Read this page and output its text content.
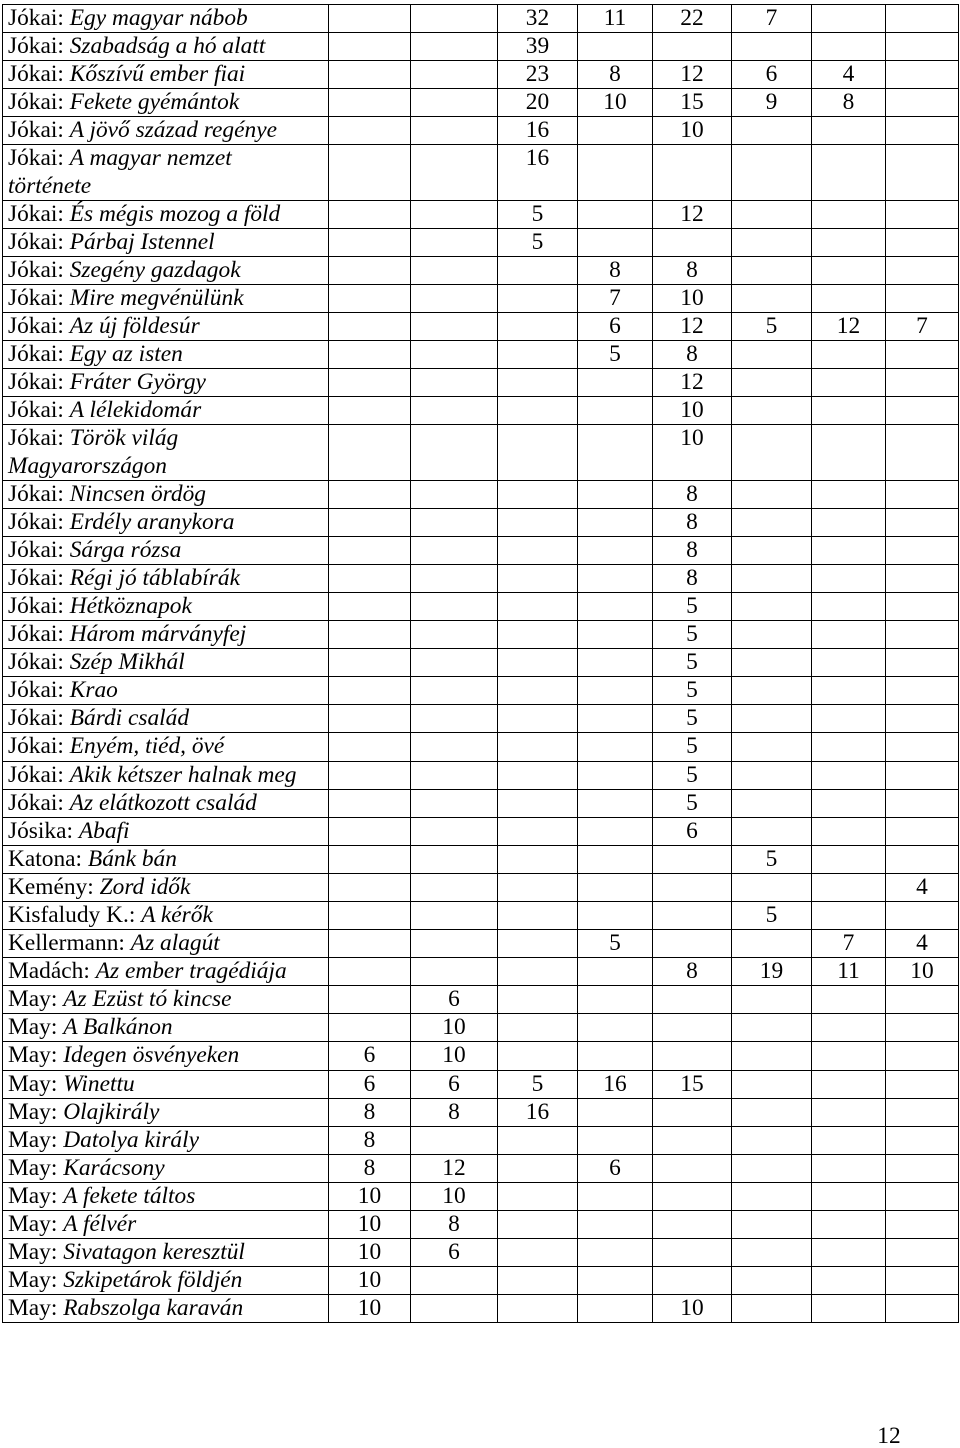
Jókai: Egy magyar nábob			32	11	22	7		

Jókai: Szabadság a hó alatt			39					

Jókai: Kőszívű ember fiai			23	8	12	6	4	

Jókai: Fekete gyémántok			20	10	15	9	8	

Jókai: A jövő század regénye			16		10			

Jókai: A magyar nemzet története			16					

Jókai: És mégis mozog a föld			5		12			

Jókai: Párbaj Istennel			5					

Jókai: Szegény gazdagok				8	8			

Jókai: Mire megvénülünk				7	10			

Jókai: Az új földesúr				6	12	5	12	7

Jókai: Egy az isten				5	8			

Jókai: Fráter György					12			

Jókai: A lélekidomár					10			

Jókai: Török világ Magyarországon					10			

Jókai: Nincsen ördög					8			

Jókai: Erdély aranykora					8			

Jókai: Sárga rózsa					8			

Jókai: Régi jó táblabírák					8			

Jókai: Hétköznapok					5			

Jókai: Három márványfej					5			

Jókai: Szép Mikhál					5			

Jókai: Krao					5			

Jókai: Bárdi család					5			

Jókai: Enyém, tiéd, övé					5			

Jókai: Akik kétszer halnak meg					5			

Jókai: Az elátkozott család					5			

Jósika: Abafi					6			

Katona: Bánk bán						5		

Kemény: Zord idők								4

Kisfaludy K.: A kérők						5		

Kellermann: Az alagút				5			7	4

Madách: Az ember tragédiája					8	19	11	10

May: Az Ezüst tó kincse		6						

May: A Balkánon		10						

May: Idegen ösvényeken	6	10						

May: Winettu	6	6	5	16	15			

May: Olajkirály	8	8	16					

May: Datolya király	8							

May: Karácsony	8	12		6				

May: A fekete táltos	10	10						

May: A félvér	10	8						

May: Sivatagon keresztül	10	6						

May: Szkipetárok földjén	10							

May: Rabszolga karaván	10				10			
12
